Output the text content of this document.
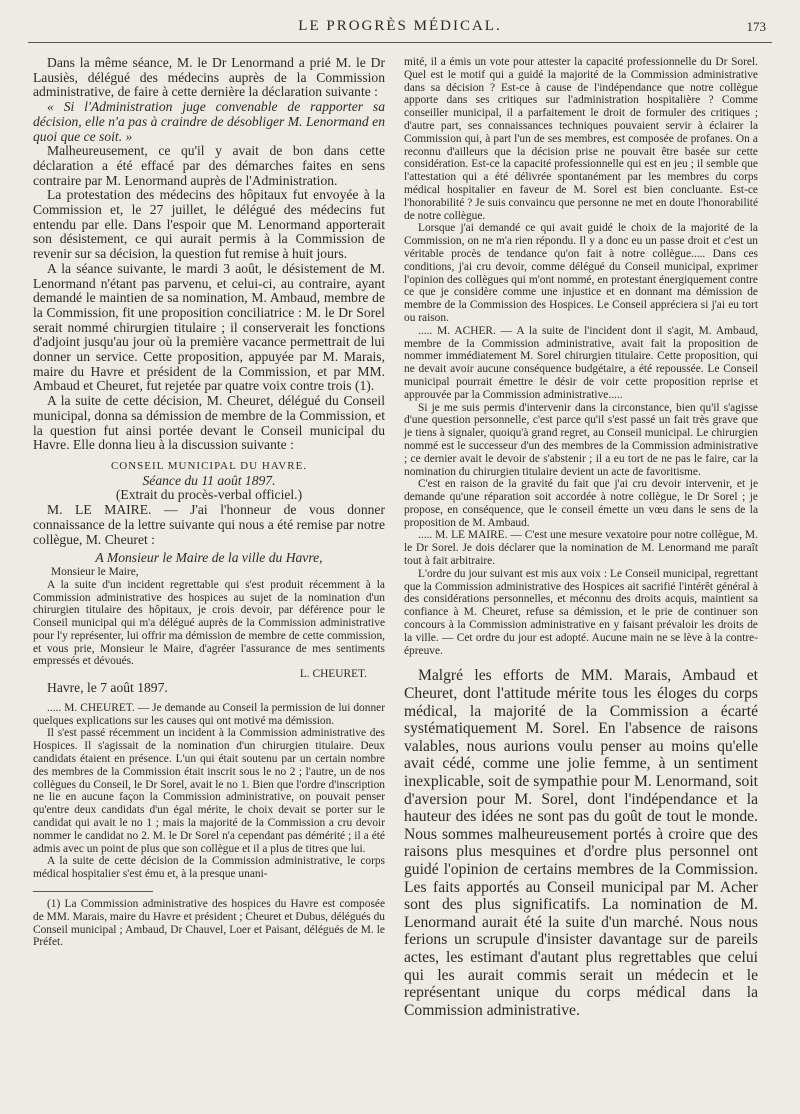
LE PROGRÈS MÉDICAL.	173

Dans la même séance, M. le Dr Lenormand a prié M. le Dr Lausiès, délégué des médecins auprès de la Commission administrative, de faire à cette dernière la déclaration suivante :

« Si l'Administration juge convenable de rapporter sa décision, elle n'a pas à craindre de désobliger M. Lenormand en quoi que ce soit. »

Malheureusement, ce qu'il y avait de bon dans cette déclaration a été effacé par des démarches faites en sens contraire par M. Lenormand auprès de l'Administration.

La protestation des médecins des hôpitaux fut envoyée à la Commission et, le 27 juillet, le délégué des médecins fut entendu par elle. Dans l'espoir que M. Lenormand apporterait son désistement, ce qui aurait permis à la Commission de revenir sur sa décision, la question fut remise à huit jours.

A la séance suivante, le mardi 3 août, le désistement de M. Lenormand n'étant pas parvenu, et celui-ci, au contraire, ayant demandé le maintien de sa nomination, M. Ambaud, membre de la Commission, fit une proposition conciliatrice : M. le Dr Sorel serait nommé chirurgien titulaire ; il conserverait les fonctions d'adjoint jusqu'au jour où la première vacance permettrait de lui donner un service. Cette proposition, appuyée par M. Marais, maire du Havre et président de la Commission, et par MM. Ambaud et Cheuret, fut rejetée par quatre voix contre trois (1).

A la suite de cette décision, M. Cheuret, délégué du Conseil municipal, donna sa démission de membre de la Commission, et la question fut ainsi portée devant le Conseil municipal du Havre. Elle donna lieu à la discussion suivante :

CONSEIL MUNICIPAL DU HAVRE.

Séance du 11 août 1897.

(Extrait du procès-verbal officiel.)

M. LE MAIRE. — J'ai l'honneur de vous donner connaissance de la lettre suivante qui nous a été remise par notre collègue, M. Cheuret :

A Monsieur le Maire de la ville du Havre,

Monsieur le Maire,

A la suite d'un incident regrettable qui s'est produit récemment à la Commission administrative des hospices au sujet de la nomination d'un chirurgien titulaire des hôpitaux, je crois devoir, par déférence pour le Conseil municipal qui m'a délégué auprès de la Commission administrative pour l'y représenter, lui offrir ma démission de membre de cette commission, et vous prie, Monsieur le Maire, d'agréer l'assurance de mes sentiments empressés et dévoués.

L. CHEURET.

Havre, le 7 août 1897.

..... M. CHEURET. — Je demande au Conseil la permission de lui donner quelques explications sur les causes qui ont motivé ma démission.

Il s'est passé récemment un incident à la Commission administrative des Hospices. Il s'agissait de la nomination d'un chirurgien titulaire. Deux candidats étaient en présence. L'un qui était soutenu par un certain nombre des membres de la Commission était inscrit sous le no 2 ; l'autre, un de nos collègues du Conseil, le Dr Sorel, avait le no 1. Bien que l'ordre d'inscription ne lie en aucune façon la Commission administrative, on pouvait penser qu'entre deux candidats d'un égal mérite, le choix devait se porter sur le candidat qui avait le no 1 ; mais la majorité de la Commission a cru devoir nommer le candidat no 2. M. le Dr Sorel n'a cependant pas démérité ; il a été admis avec un point de plus que son collègue et il a plus de titres que lui.

A la suite de cette décision de la Commission administrative, le corps médical hospitalier s'est ému et, à la presque unani-

(1) La Commission administrative des hospices du Havre est composée de MM. Marais, maire du Havre et président ; Cheuret et Dubus, délégués du Conseil municipal ; Ambaud, Dr Chauvel, Loer et Paisant, délégués de M. le Préfet.

mité, il a émis un vote pour attester la capacité professionnelle du Dr Sorel. Quel est le motif qui a guidé la majorité de la Commission administrative dans sa décision ? Est-ce à cause de l'indépendance que notre collègue apporte dans ses critiques sur l'administration hospitalière ? Comme conseiller municipal, il a parfaitement le droit de formuler des critiques ; d'autre part, ses connaissances techniques pouvaient servir à éclairer la Commission qui, à part l'un de ses membres, est composée de profanes. On a reconnu d'ailleurs que la décision prise ne pouvait être basée sur cette considération. Est-ce la capacité professionnelle qui est en jeu ; il semble que l'attestation qui a été délivrée spontanément par les membres du corps médical hospitalier en faveur de M. Sorel est bien concluante. Est-ce l'honorabilité ? Je suis convaincu que personne ne met en doute l'honorabilité de notre collègue.

Lorsque j'ai demandé ce qui avait guidé le choix de la majorité de la Commission, on ne m'a rien répondu. Il y a donc eu un passe droit et c'est un véritable procès de tendance qu'on fait à notre collègue..... Dans ces conditions, j'ai cru devoir, comme délégué du Conseil municipal, exprimer l'opinion des collègues qui m'ont nommé, en protestant énergiquement contre ce que je considère comme une injustice et en donnant ma démission de membre de la Commission des Hospices. Le Conseil appréciera si j'ai eu tort ou raison.

..... M. ACHER. — A la suite de l'incident dont il s'agit, M. Ambaud, membre de la Commission administrative, avait fait la proposition de nommer immédiatement M. Sorel chirurgien titulaire. Cette proposition, qui ne devait avoir aucune conséquence budgétaire, a été repoussée. Le Conseil municipal pourrait émettre le désir de voir cette proposition reprise et approuvée par la Commission administrative.....

Si je me suis permis d'intervenir dans la circonstance, bien qu'il s'agisse d'une question personnelle, c'est parce qu'il s'est passé un fait très grave que je tiens à signaler, quoiqu'à grand regret, au Conseil municipal. Le chirurgien nommé est le successeur d'un des membres de la Commission administrative ; ce dernier avait le devoir de s'abstenir ; il a eu tort de ne pas le faire, car la nomination du chirurgien titulaire devient un acte de favoritisme.

C'est en raison de la gravité du fait que j'ai cru devoir intervenir, et je demande qu'une réparation soit accordée à notre collègue, le Dr Sorel ; je propose, en conséquence, que le conseil émette un vœu dans le sens de la proposition de M. Ambaud.

..... M. LE MAIRE. — C'est une mesure vexatoire pour notre collègue, M. le Dr Sorel. Je dois déclarer que la nomination de M. Lenormand me paraît tout à fait arbitraire.

L'ordre du jour suivant est mis aux voix : Le Conseil municipal, regrettant que la Commission administrative des Hospices ait sacrifié l'intérêt général à des considérations personnelles, et méconnu des droits acquis, maintient sa confiance à M. Cheuret, refuse sa démission, et le prie de continuer son concours à la Commission administrative en y faisant prévaloir les droits de la ville. — Cet ordre du jour est adopté. Aucune main ne se lève à la contre-épreuve.

Malgré les efforts de MM. Marais, Ambaud et Cheuret, dont l'attitude mérite tous les éloges du corps médical, la majorité de la Commission a écarté systématiquement M. Sorel. En l'absence de raisons valables, nous aurions voulu penser au moins qu'elle avait cédé, comme une jolie femme, à un sentiment inexplicable, soit de sympathie pour M. Lenormand, soit d'aversion pour M. Sorel, dont l'indépendance et la hauteur des idées ne sont pas du goût de tout le monde. Nous sommes malheureusement portés à croire que des raisons plus mesquines et d'ordre plus personnel ont guidé l'opinion de certains membres de la Commission. Les faits apportés au Conseil municipal par M. Acher sont des plus significatifs. La nomination de M. Lenormand aurait été la suite d'un marché. Nous nous ferions un scrupule d'insister davantage sur de pareils actes, les estimant d'autant plus regrettables que celui qui les aurait commis serait un médecin et le représentant unique du corps médical dans la Commission administrative.
